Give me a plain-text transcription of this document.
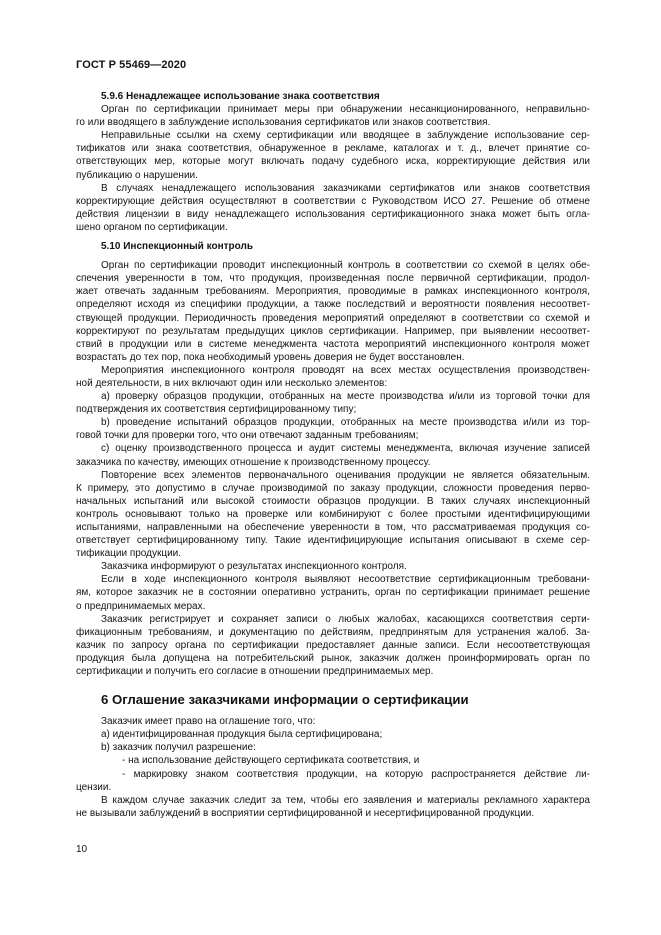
ГОСТ Р 55469—2020
5.9.6 Ненадлежащее использование знака соответствия
Орган по сертификации принимает меры при обнаружении несанкционированного, неправильно-
го или вводящего в заблуждение использования сертификатов или знаков соответствия.
Неправильные ссылки на схему сертификации или вводящее в заблуждение использование сер-
тификатов или знака соответствия, обнаруженное в рекламе, каталогах и т. д., влечет принятие со-
ответствующих мер, которые могут включать подачу судебного иска, корректирующие действия или
публикацию о нарушении.
В случаях ненадлежащего использования заказчиками сертификатов или знаков соответствия
корректирующие действия осуществляют в соответствии с Руководством ИСО 27. Решение об отмене
действия лицензии в виду ненадлежащего использования сертификационного знака может быть огла-
шено органом по сертификации.
5.10 Инспекционный контроль
Орган по сертификации проводит инспекционный контроль в соответствии со схемой в целях обе-
спечения уверенности в том, что продукция, произведенная после первичной сертификации, продол-
жает отвечать заданным требованиям. Мероприятия, проводимые в рамках инспекционного контроля,
определяют исходя из специфики продукции, а также последствий и вероятности появления несоответ-
ствующей продукции. Периодичность проведения мероприятий определяют в соответствии со схемой и
корректируют по результатам предыдущих циклов сертификации. Например, при выявлении несоответ-
ствий в продукции или в системе менеджмента частота мероприятий инспекционного контроля может
возрастать до тех пор, пока необходимый уровень доверия не будет восстановлен.
Мероприятия инспекционного контроля проводят на всех местах осуществления производствен-
ной деятельности, в них включают один или несколько элементов:
a) проверку образцов продукции, отобранных на месте производства и/или из торговой точки для
подтверждения их соответствия сертифицированному типу;
b) проведение испытаний образцов продукции, отобранных на месте производства и/или из тор-
говой точки для проверки того, что они отвечают заданным требованиям;
c) оценку производственного процесса и аудит системы менеджмента, включая изучение записей
заказчика по качеству, имеющих отношение к производственному процессу.
Повторение всех элементов первоначального оценивания продукции не является обязательным.
К примеру, это допустимо в случае производимой по заказу продукции, сложности проведения перво-
начальных испытаний или высокой стоимости образцов продукции. В таких случаях инспекционный
контроль основывают только на проверке или комбинируют с более простыми идентифицирующими
испытаниями, направленными на обеспечение уверенности в том, что рассматриваемая продукция со-
ответствует сертифицированному типу. Такие идентифицирующие испытания описывают в схеме сер-
тификации продукции.
Заказчика информируют о результатах инспекционного контроля.
Если в ходе инспекционного контроля выявляют несоответствие сертификационным требовани-
ям, которое заказчик не в состоянии оперативно устранить, орган по сертификации принимает решение
о предпринимаемых мерах.
Заказчик регистрирует и сохраняет записи о любых жалобах, касающихся соответствия серти-
фикационным требованиям, и документацию по действиям, предпринятым для устранения жалоб. За-
казчик по запросу органа по сертификации предоставляет данные записи. Если несоответствующая
продукция была допущена на потребительский рынок, заказчик должен проинформировать орган по
сертификации и получить его согласие в отношении предпринимаемых мер.
6 Оглашение заказчиками информации о сертификации
Заказчик имеет право на оглашение того, что:
a) идентифицированная продукция была сертифицирована;
b) заказчик получил разрешение:
- на использование действующего сертификата соответствия, и
- маркировку знаком соответствия продукции, на которую распространяется действие ли-
цензии.
В каждом случае заказчик следит за тем, чтобы его заявления и материалы рекламного характера
не вызывали заблуждений в восприятии сертифицированной и несертифицированной продукции.
10
